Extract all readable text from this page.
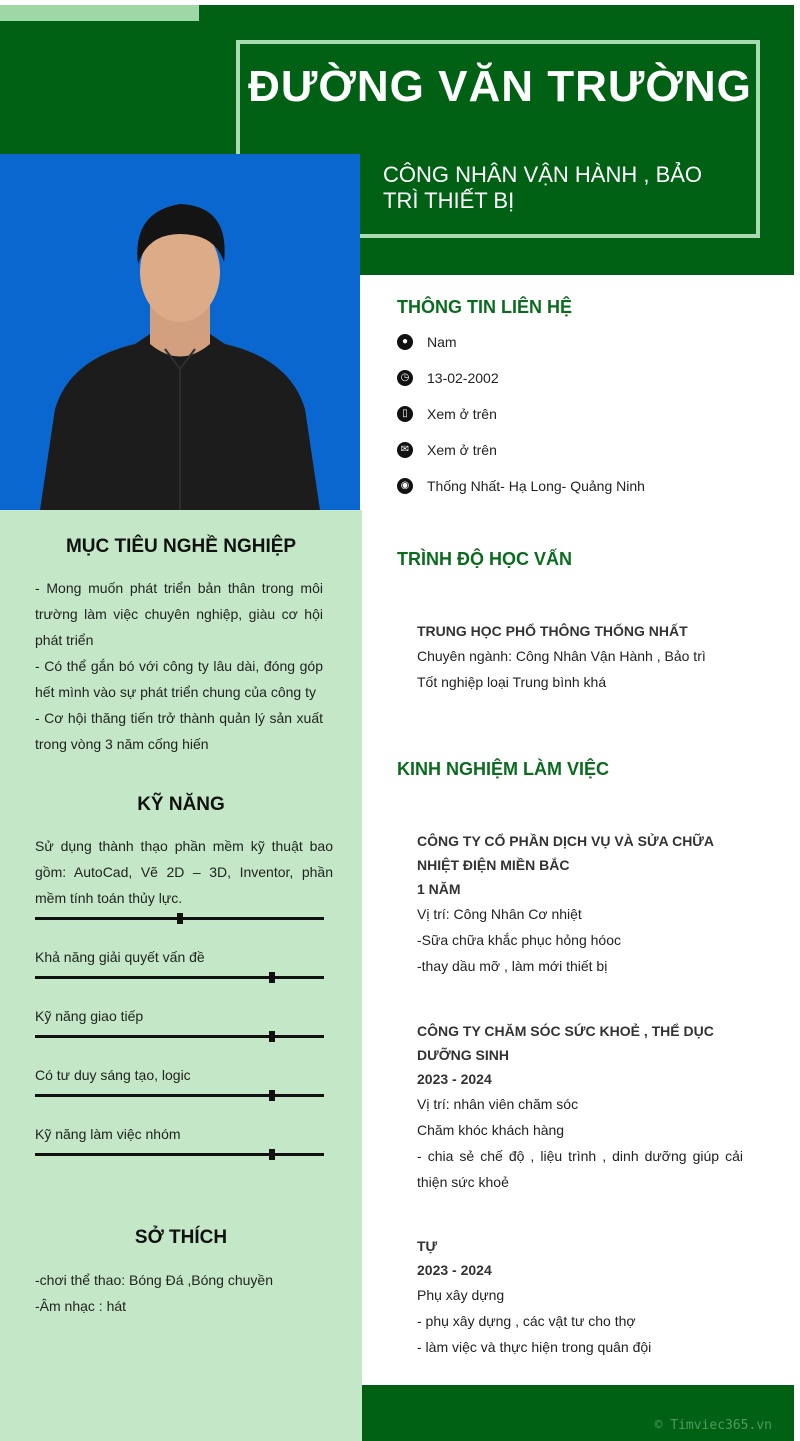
ĐƯỜNG VĂN TRƯỜNG
CÔNG NHÂN VẬN HÀNH , BẢO TRÌ THIẾT BỊ
MỤC TIÊU NGHỀ NGHIỆP
- Mong muốn phát triển bản thân trong môi trường làm việc chuyên nghiệp, giàu cơ hội phát triển
- Có thể gắn bó với công ty lâu dài, đóng góp hết mình vào sự phát triển chung của công ty
- Cơ hội thăng tiến trở thành quản lý sản xuất trong vòng 3 năm cống hiến
KỸ NĂNG
Sử dụng thành thạo phần mềm kỹ thuật bao gồm: AutoCad, Vẽ 2D – 3D, Inventor, phần mềm tính toán thủy lực.
Khả năng giải quyết vấn đề
Kỹ năng giao tiếp
Có tư duy sáng tạo, logic
Kỹ năng làm việc nhóm
SỞ THÍCH
-chơi thể thao: Bóng Đá ,Bóng chuyền
-Âm nhạc : hát
THÔNG TIN LIÊN HỆ
●	Nam
◷ 13-02-2002
▯	Xem ở trên
✉ Xem ở trên
◉ Thống Nhất- Hạ Long- Quảng Ninh
TRÌNH ĐỘ HỌC VẤN
TRUNG HỌC PHỔ THÔNG THỐNG NHẤT
Chuyên ngành: Công Nhân Vận Hành , Bảo trì
Tốt nghiệp loại Trung bình khá
KINH NGHIỆM LÀM VIỆC
CÔNG TY CỔ PHẦN DỊCH VỤ VÀ SỬA CHỮA NHIỆT ĐIỆN MIỀN BẮC
1 NĂM
Vị trí: Công Nhân Cơ nhiệt
-Sữa chữa khắc phục hỏng hóoc
-thay dầu mỡ , làm mới thiết bị
CÔNG TY CHĂM SÓC SỨC KHOẺ , THỂ DỤC DƯỠNG SINH
2023 - 2024
Vị trí: nhân viên chăm sóc
Chăm khóc khách hàng
- chia sẻ chế độ , liệu trình , dinh dưỡng giúp cải thiện sức khoẻ
TỰ
2023 - 2024
Phụ xây dựng
- phụ xây dựng , các vật tư cho thợ
- làm việc và thực hiện trong quân đội
© Timviec365.vn
